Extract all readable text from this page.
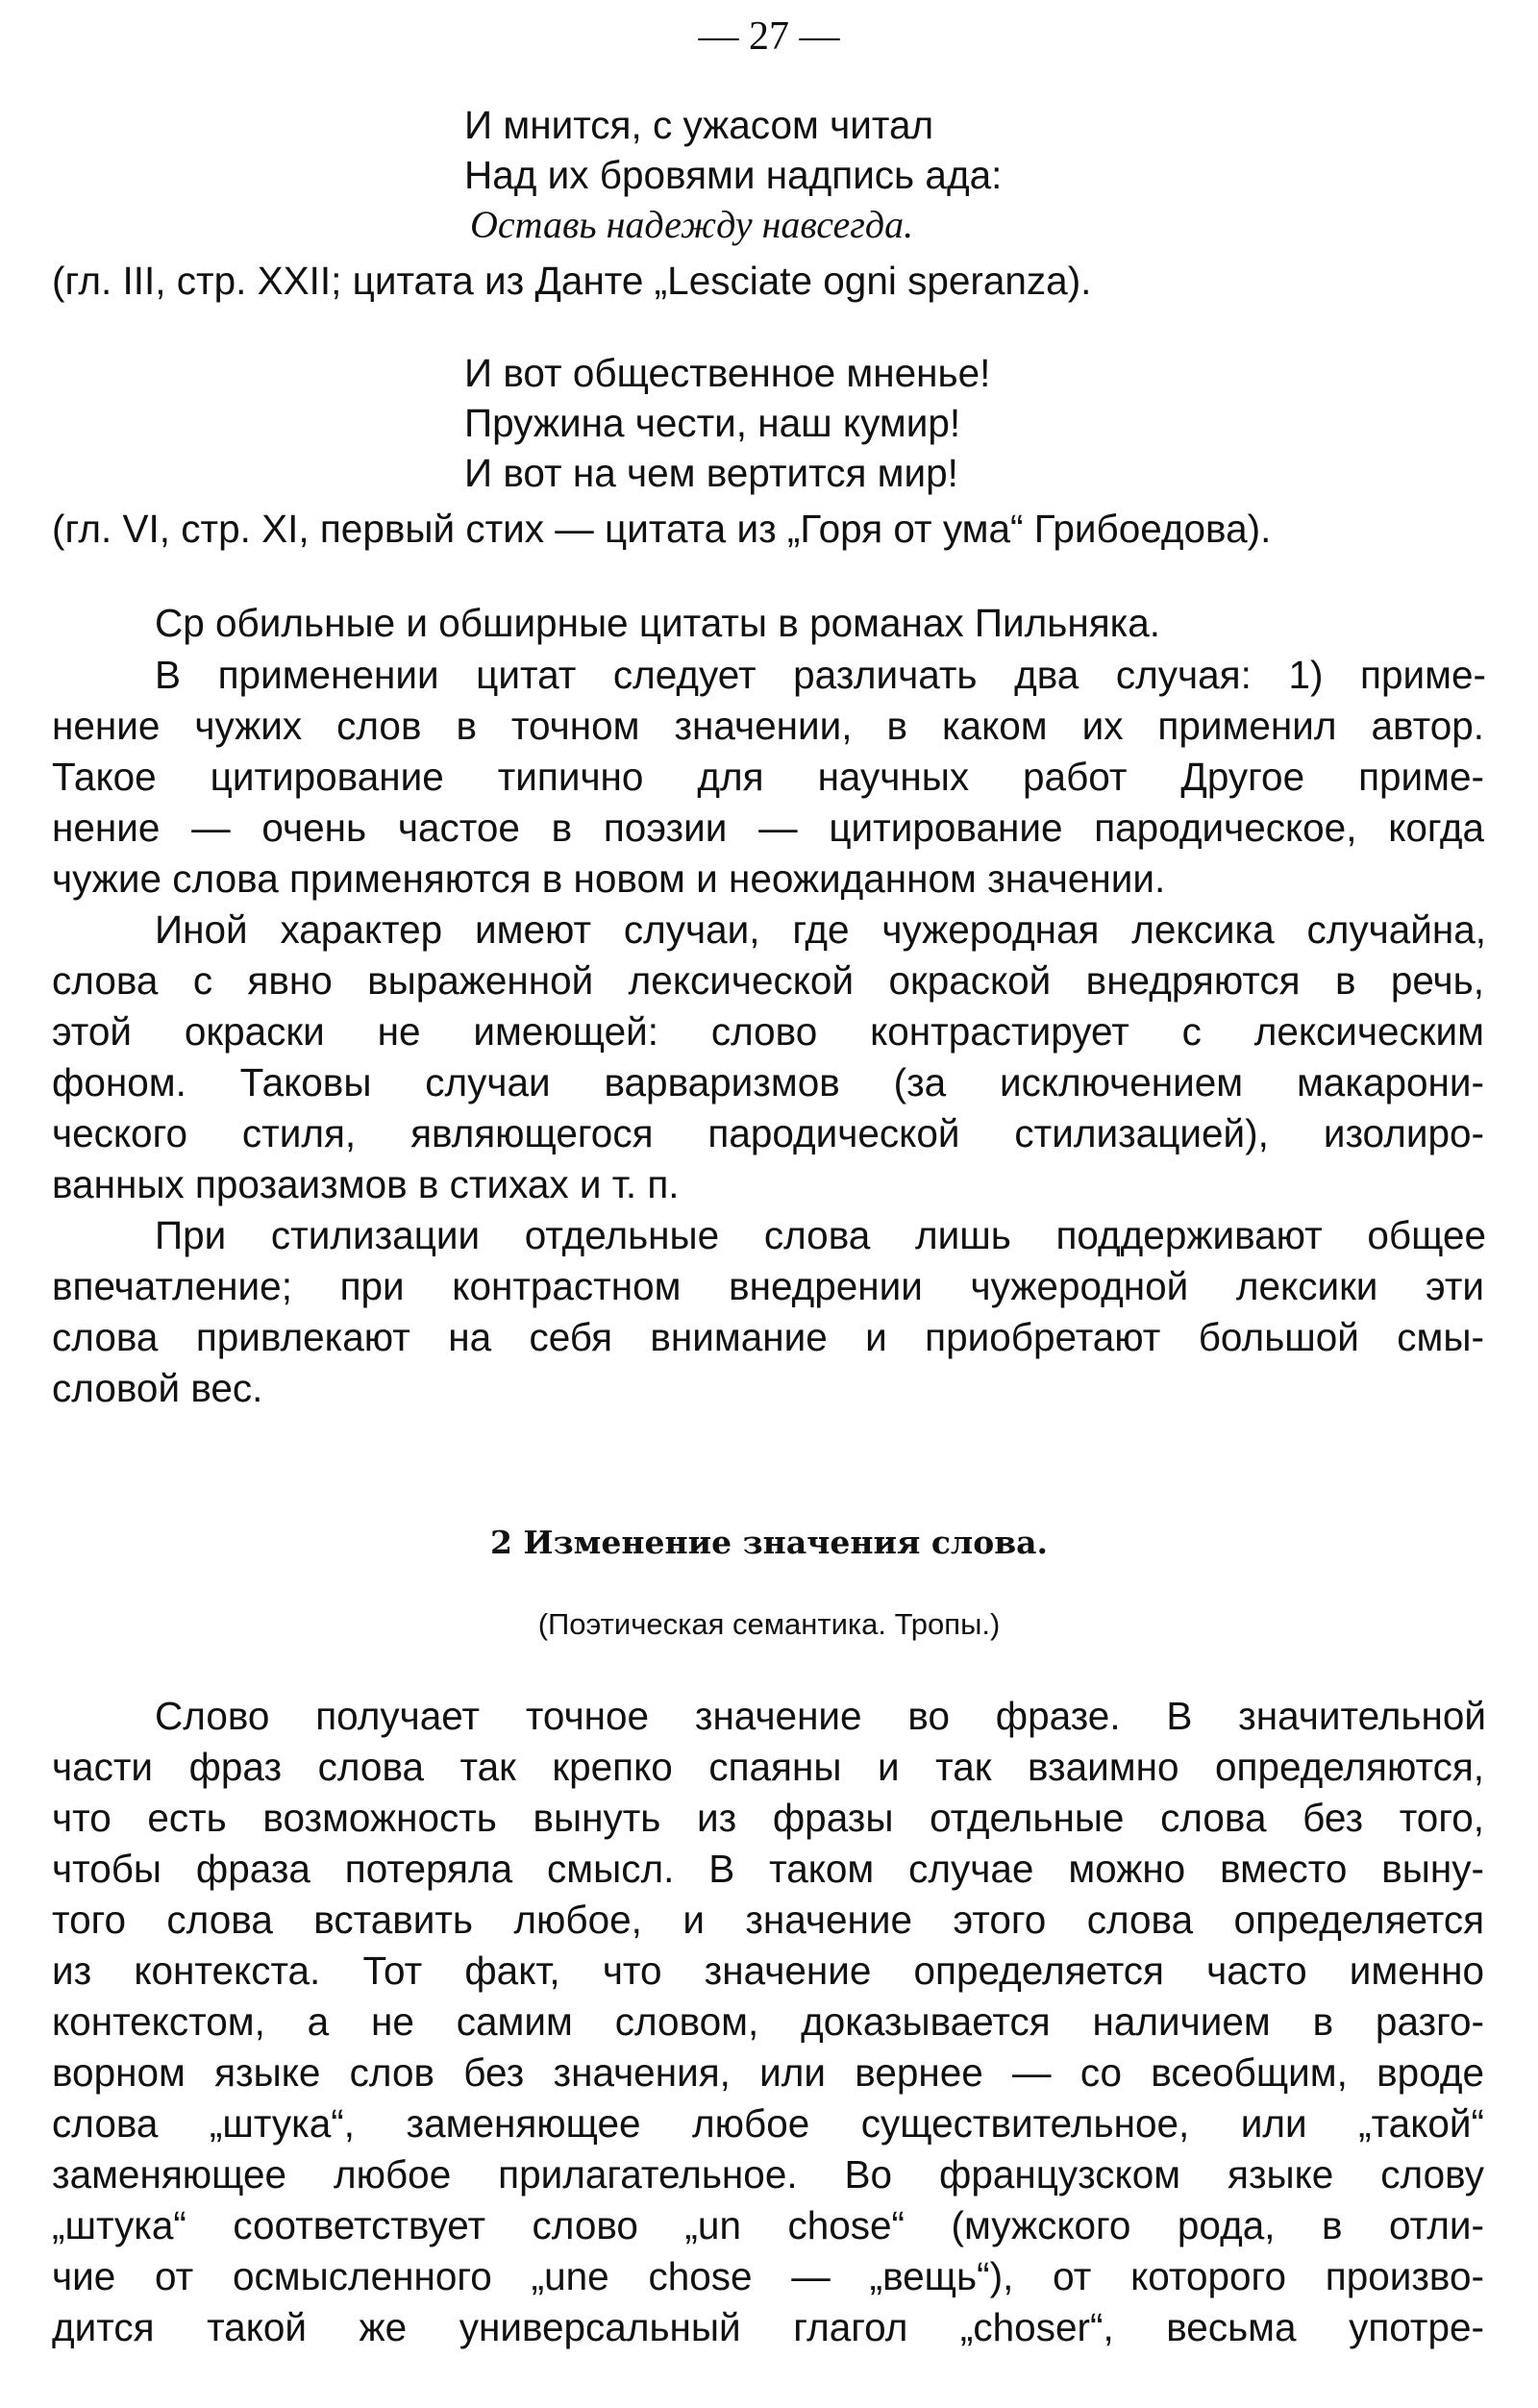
— 27 —
И мнится, с ужасом читал
Над их бровями надпись ада:
Оставь надежду навсегда.
(гл. III, стр. XXII; цитата из Данте „Lesciate ogni speranza).
И вот общественное мненье!
Пружина чести, наш кумир!
И вот на чем вертится мир!
(гл. VI, стр. XI, первый стих — цитата из „Горя от ума“ Грибоедова).
Ср обильные и обширные цитаты в романах Пильняка.
В применении цитат следует различать два случая: 1) приме-
нение чужих слов в точном значении, в каком их применил автор.
Такое цитирование типично для научных работ Другое приме-
нение — очень частое в поэзии — цитирование пародическое, когда
чужие слова применяются в новом и неожиданном значении.
Иной характер имеют случаи, где чужеродная лексика случайна,
слова с явно выраженной лексической окраской внедряются в речь,
этой окраски не имеющей: слово контрастирует с лексическим
фоном. Таковы случаи варваризмов (за исключением макарони-
ческого стиля, являющегося пародической стилизацией), изолиро-
ванных прозаизмов в стихах и т. п.
При стилизации отдельные слова лишь поддерживают общее
впечатление; при контрастном внедрении чужеродной лексики эти
слова привлекают на себя внимание и приобретают большой смы-
словой вес.
2 Изменение значения слова.
(Поэтическая семантика. Тропы.)
Слово получает точное значение во фразе. В значительной
части фраз слова так крепко спаяны и так взаимно определяются,
что есть возможность вынуть из фразы отдельные слова без того,
чтобы фраза потеряла смысл. В таком случае можно вместо выну-
того слова вставить любое, и значение этого слова определяется
из контекста. Тот факт, что значение определяется часто именно
контекстом, а не самим словом, доказывается наличием в разго-
ворном языке слов без значения, или вернее — со всеобщим, вроде
слова „штука“, заменяющее любое существительное, или „такой“
заменяющее любое прилагательное. Во французском языке слову
„штука“ соответствует слово „un chose“ (мужского рода, в отли-
чие от осмысленного „une chose — „вещь“), от которого произво-
дится такой же универсальный глагол „choser“, весьма употре-
